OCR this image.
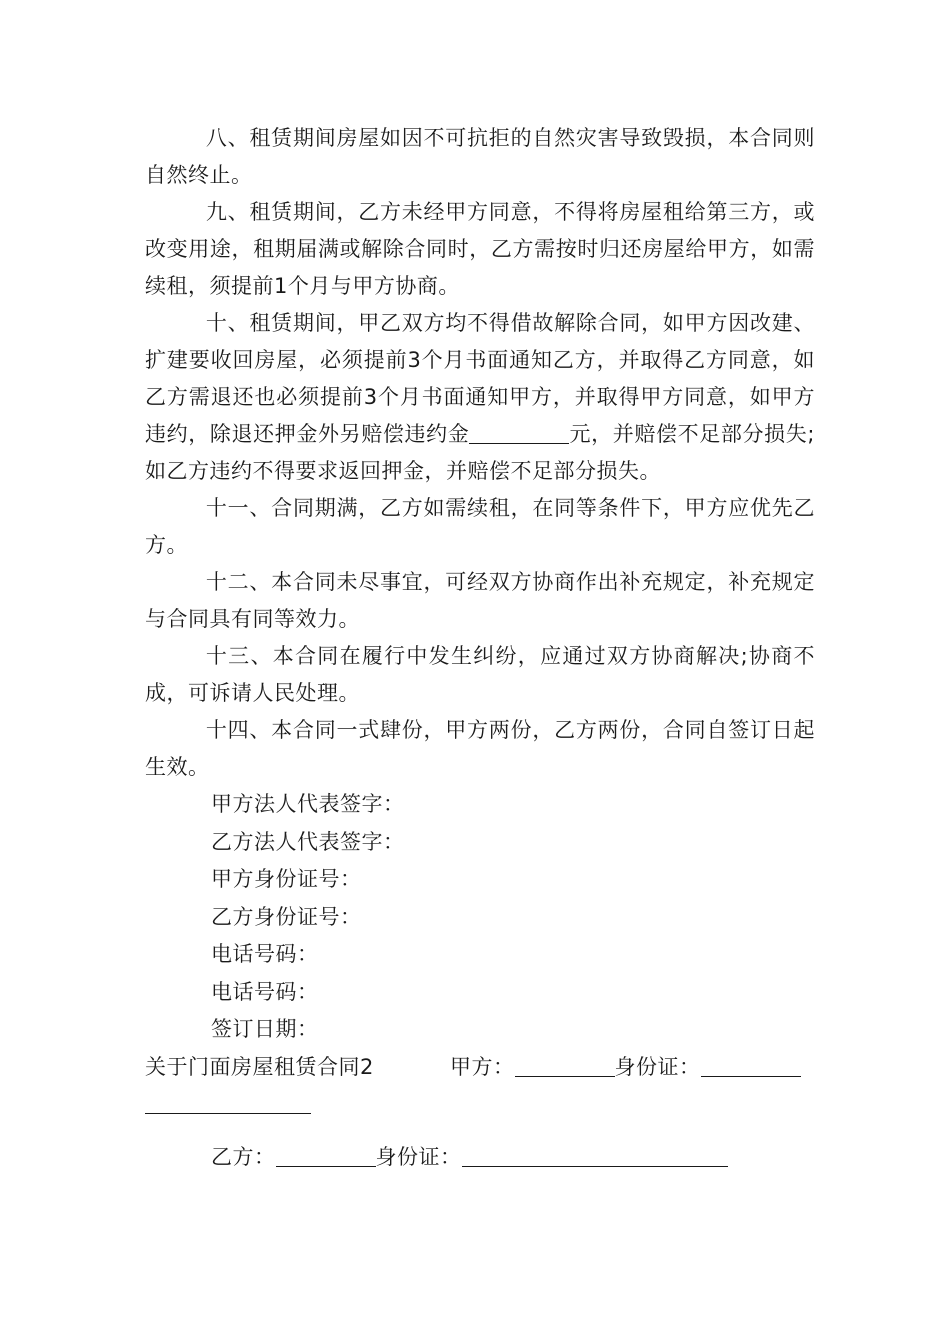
八、租赁期间房屋如因不可抗拒的自然灾害导致毁损，本合同则自然终止。

九、租赁期间，乙方未经甲方同意，不得将房屋租给第三方，或改变用途，租期届满或解除合同时，乙方需按时归还房屋给甲方，如需续租，须提前1个月与甲方协商。

十、租赁期间，甲乙双方均不得借故解除合同，如甲方因改建、扩建要收回房屋，必须提前3个月书面通知乙方，并取得乙方同意，如乙方需退还也必须提前3个月书面通知甲方，并取得甲方同意，如甲方违约，除退还押金外另赔偿违约金	元，并赔偿不足部分损失;如乙方违约不得要求返回押金，并赔偿不足部分损失。

十一、合同期满，乙方如需续租，在同等条件下，甲方应优先乙方。

十二、本合同未尽事宜，可经双方协商作出补充规定，补充规定与合同具有同等效力。

十三、本合同在履行中发生纠纷，应通过双方协商解决;协商不成，可诉请人民处理。

十四、本合同一式肆份，甲方两份，乙方两份，合同自签订日起生效。

甲方法人代表签字：

乙方法人代表签字：

甲方身份证号：

乙方身份证号：

电话号码：

电话号码：

签订日期：

关于门面房屋租赁合同2	甲方：	身份证：

乙方：	身份证：
